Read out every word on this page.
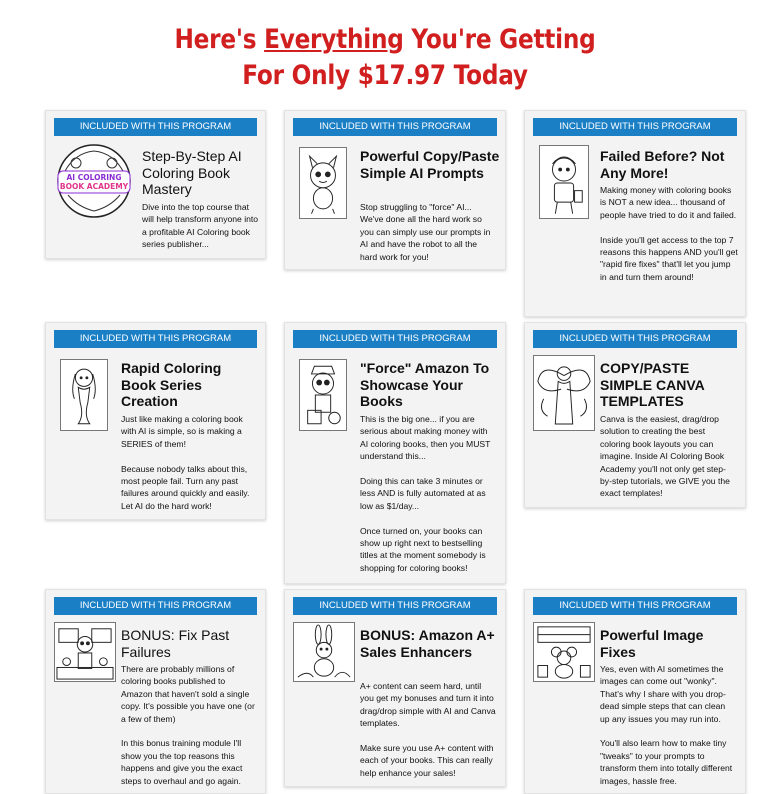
Here's Everything You're Getting
For Only $17.97 Today
INCLUDED WITH THIS PROGRAM
AI COLORING
BOOK ACADEMY
Step-By-Step AI Coloring Book Mastery
Dive into the top course that will help transform anyone into a profitable AI Coloring book series publisher...
INCLUDED WITH THIS PROGRAM
Powerful Copy/Paste Simple AI Prompts
Stop struggling to "force" AI... We've done all the hard work so you can simply use our prompts in AI and have the robot to all the hard work for you!
INCLUDED WITH THIS PROGRAM
Failed Before? Not Any More!
Making money with coloring books is NOT a new idea... thousand of people have tried to do it and failed.

Inside you'll get access to the top 7 reasons this happens AND you'll get "rapid fire fixes" that'll let you jump in and turn them around!
INCLUDED WITH THIS PROGRAM
Rapid Coloring Book Series Creation
Just like making a coloring book with AI is simple, so is making a SERIES of them!

Because nobody talks about this, most people fail. Turn any past failures around quickly and easily. Let AI do the hard work!
INCLUDED WITH THIS PROGRAM
"Force" Amazon To Showcase Your Books
This is the big one... if you are serious about making money with AI coloring books, then you MUST understand this...

Doing this can take 3 minutes or less AND is fully automated at as low as $1/day...

Once turned on, your books can show up right next to bestselling titles at the moment somebody is shopping for coloring books!
INCLUDED WITH THIS PROGRAM
COPY/PASTE SIMPLE CANVA TEMPLATES
Canva is the easiest, drag/drop solution to creating the best coloring book layouts you can imagine. Inside AI Coloring Book Academy you'll not only get step-by-step tutorials, we GIVE you the exact templates!
INCLUDED WITH THIS PROGRAM
BONUS: Fix Past Failures
There are probably millions of coloring books published to Amazon that haven't sold a single copy. It's possible you have one (or a few of them)

In this bonus training module I'll show you the top reasons this happens and give you the exact steps to overhaul and go again.
INCLUDED WITH THIS PROGRAM
BONUS: Amazon A+ Sales Enhancers
A+ content can seem hard, until you get my bonuses and turn it into drag/drop simple with AI and Canva templates.

Make sure you use A+ content with each of your books. This can really help enhance your sales!
INCLUDED WITH THIS PROGRAM
Powerful Image Fixes
Yes, even with AI sometimes the images can come out "wonky". That's why I share with you drop-dead simple steps that can clean up any issues you may run into.

You'll also learn how to make tiny "tweaks" to your prompts to transform them into totally different images, hassle free.
